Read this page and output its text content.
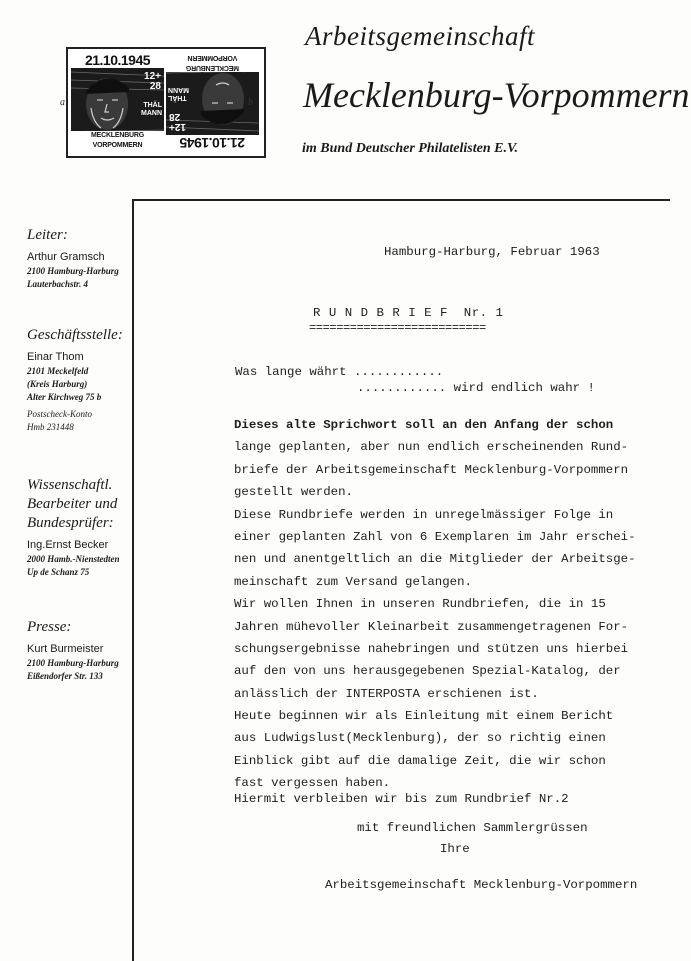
21.10.1945
12+
28
THÄL
MANN
MECKLENBURG VORPOMMERN	21.10.1945
12+
28
THÄL
MANN
MECKLENBURG VORPOMMERN
a	b
Arbeitsgemeinschaft
Mecklenburg-Vorpommern
im Bund Deutscher Philatelisten E.V.
Leiter:
Arthur Gramsch
2100 Hamburg-Harburg
Lauterbachstr. 4
Geschäftsstelle:
Einar Thom
2101 Meckelfeld
(Kreis Harburg)
Alter Kirchweg 75 b
Postscheck-Konto
Hmb 231448
Wissenschaftl.
Bearbeiter und
Bundesprüfer:
Ing.Ernst Becker
2000 Hamb.-Nienstedten
Up de Schanz 75
Presse:
Kurt Burmeister
2100 Hamburg-Harburg
Eißendorfer Str. 133
Hamburg-Harburg, Februar 1963
R U N D B R I E F  Nr. 1
==========================
Was lange währt ............
............ wird endlich wahr !
Dieses alte Sprichwort soll an den Anfang der schon
lange geplanten, aber nun endlich erscheinenden Rund-
briefe der Arbeitsgemeinschaft Mecklenburg-Vorpommern
gestellt werden.
Diese Rundbriefe werden in unregelmässiger Folge in
einer geplanten Zahl von 6 Exemplaren im Jahr erschei-
nen und anentgeltlich an die Mitglieder der Arbeitsge-
meinschaft zum Versand gelangen.
Wir wollen Ihnen in unseren Rundbriefen, die in 15
Jahren mühevoller Kleinarbeit zusammengetragenen For-
schungsergebnisse nahebringen und stützen uns hierbei
auf den von uns herausgegebenen Spezial-Katalog, der
anlässlich der INTERPOSTA erschienen ist.
Heute beginnen wir als Einleitung mit einem Bericht
aus Ludwigslust(Mecklenburg), der so richtig einen
Einblick gibt auf die damalige Zeit, die wir schon
fast vergessen haben.
Hiermit verbleiben wir bis zum Rundbrief Nr.2
mit freundlichen Sammlergrüssen
Ihre
Arbeitsgemeinschaft Mecklenburg-Vorpommern
